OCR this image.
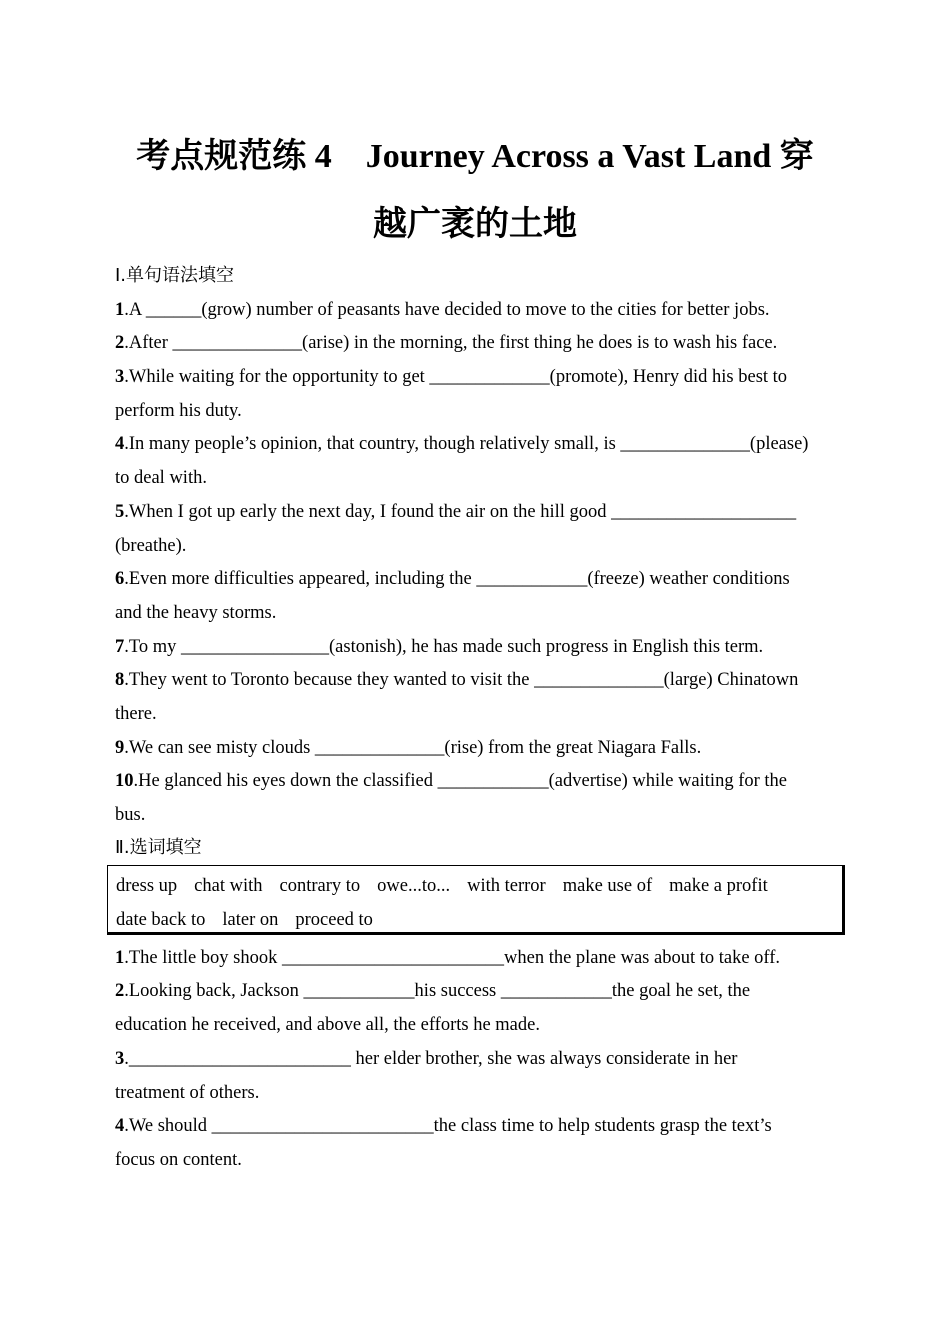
考点规范练 4　Journey Across a Vast Land 穿
越广袤的土地
Ⅰ.单句语法填空
1.A ______(grow) number of peasants have decided to move to the cities for better jobs.
2.After ______________(arise) in the morning, the first thing he does is to wash his face.
3.While waiting for the opportunity to get _____________(promote), Henry did his best to
perform his duty.
4.In many people’s opinion, that country, though relatively small, is ______________(please)
to deal with.
5.When I got up early the next day, I found the air on the hill good ____________________
(breathe).
6.Even more difficulties appeared, including the ____________(freeze) weather conditions
and the heavy storms.
7.To my ________________(astonish), he has made such progress in English this term.
8.They went to Toronto because they wanted to visit the ______________(large) Chinatown
there.
9.We can see misty clouds ______________(rise) from the great Niagara Falls.
10.He glanced his eyes down the classified ____________(advertise) while waiting for the
bus.
Ⅱ.选词填空
dress up chat with contrary to owe...to... with terror make use of make a profit
date back to later on proceed to
1.The little boy shook ________________________when the plane was about to take off.
2.Looking back, Jackson ____________his success ____________the goal he set, the
education he received, and above all, the efforts he made.
3.________________________ her elder brother, she was always considerate in her
treatment of others.
4.We should ________________________the class time to help students grasp the text’s
focus on content.
